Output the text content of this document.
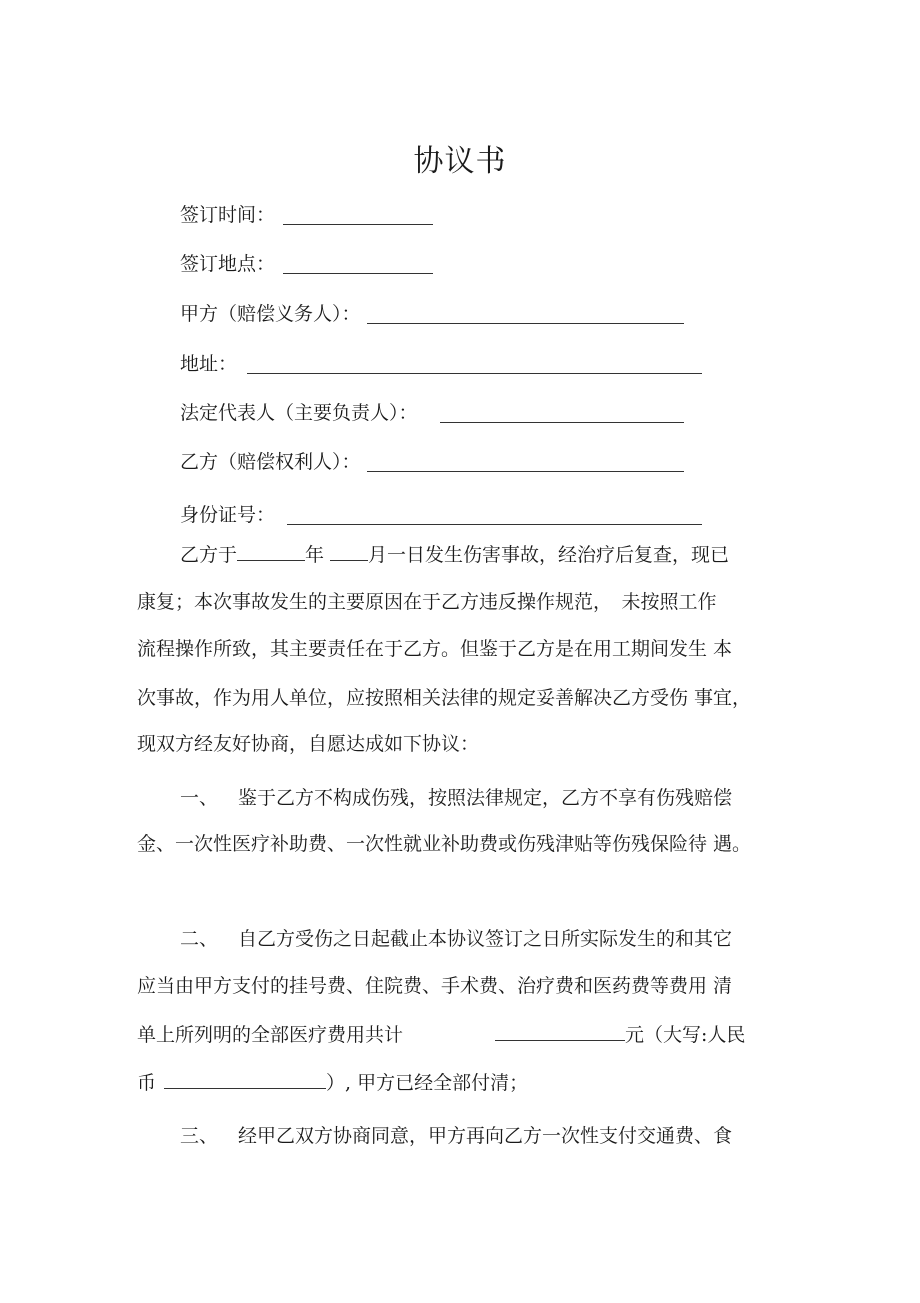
协议书
签订时间：
签订地点：
甲方（赔偿义务人）：
地址：
法定代表人（主要负责人）：
乙方（赔偿权利人）：
身份证号：
乙方于	年 月一日发生伤害事故，经治疗后复查，现已
康复；本次事故发生的主要原因在于乙方违反操作规范，　未按照工作
流程操作所致，其主要责任在于乙方。但鉴于乙方是在用工期间发生 本
次事故，作为用人单位，应按照相关法律的规定妥善解决乙方受伤 事宜，
现双方经友好协商，自愿达成如下协议：
一、 鉴于乙方不构成伤残，按照法律规定，乙方不享有伤残赔偿
金、一次性医疗补助费、一次性就业补助费或伤残津贴等伤残保险待 遇。
二、 自乙方受伤之日起截止本协议签订之日所实际发生的和其它
应当由甲方支付的挂号费、住院费、手术费、治疗费和医药费等费用 清
单上所列明的全部医疗费用共计	元（大写:人民
币	）, 甲方已经全部付清；
三、 经甲乙双方协商同意，甲方再向乙方一次性支付交通费、食
